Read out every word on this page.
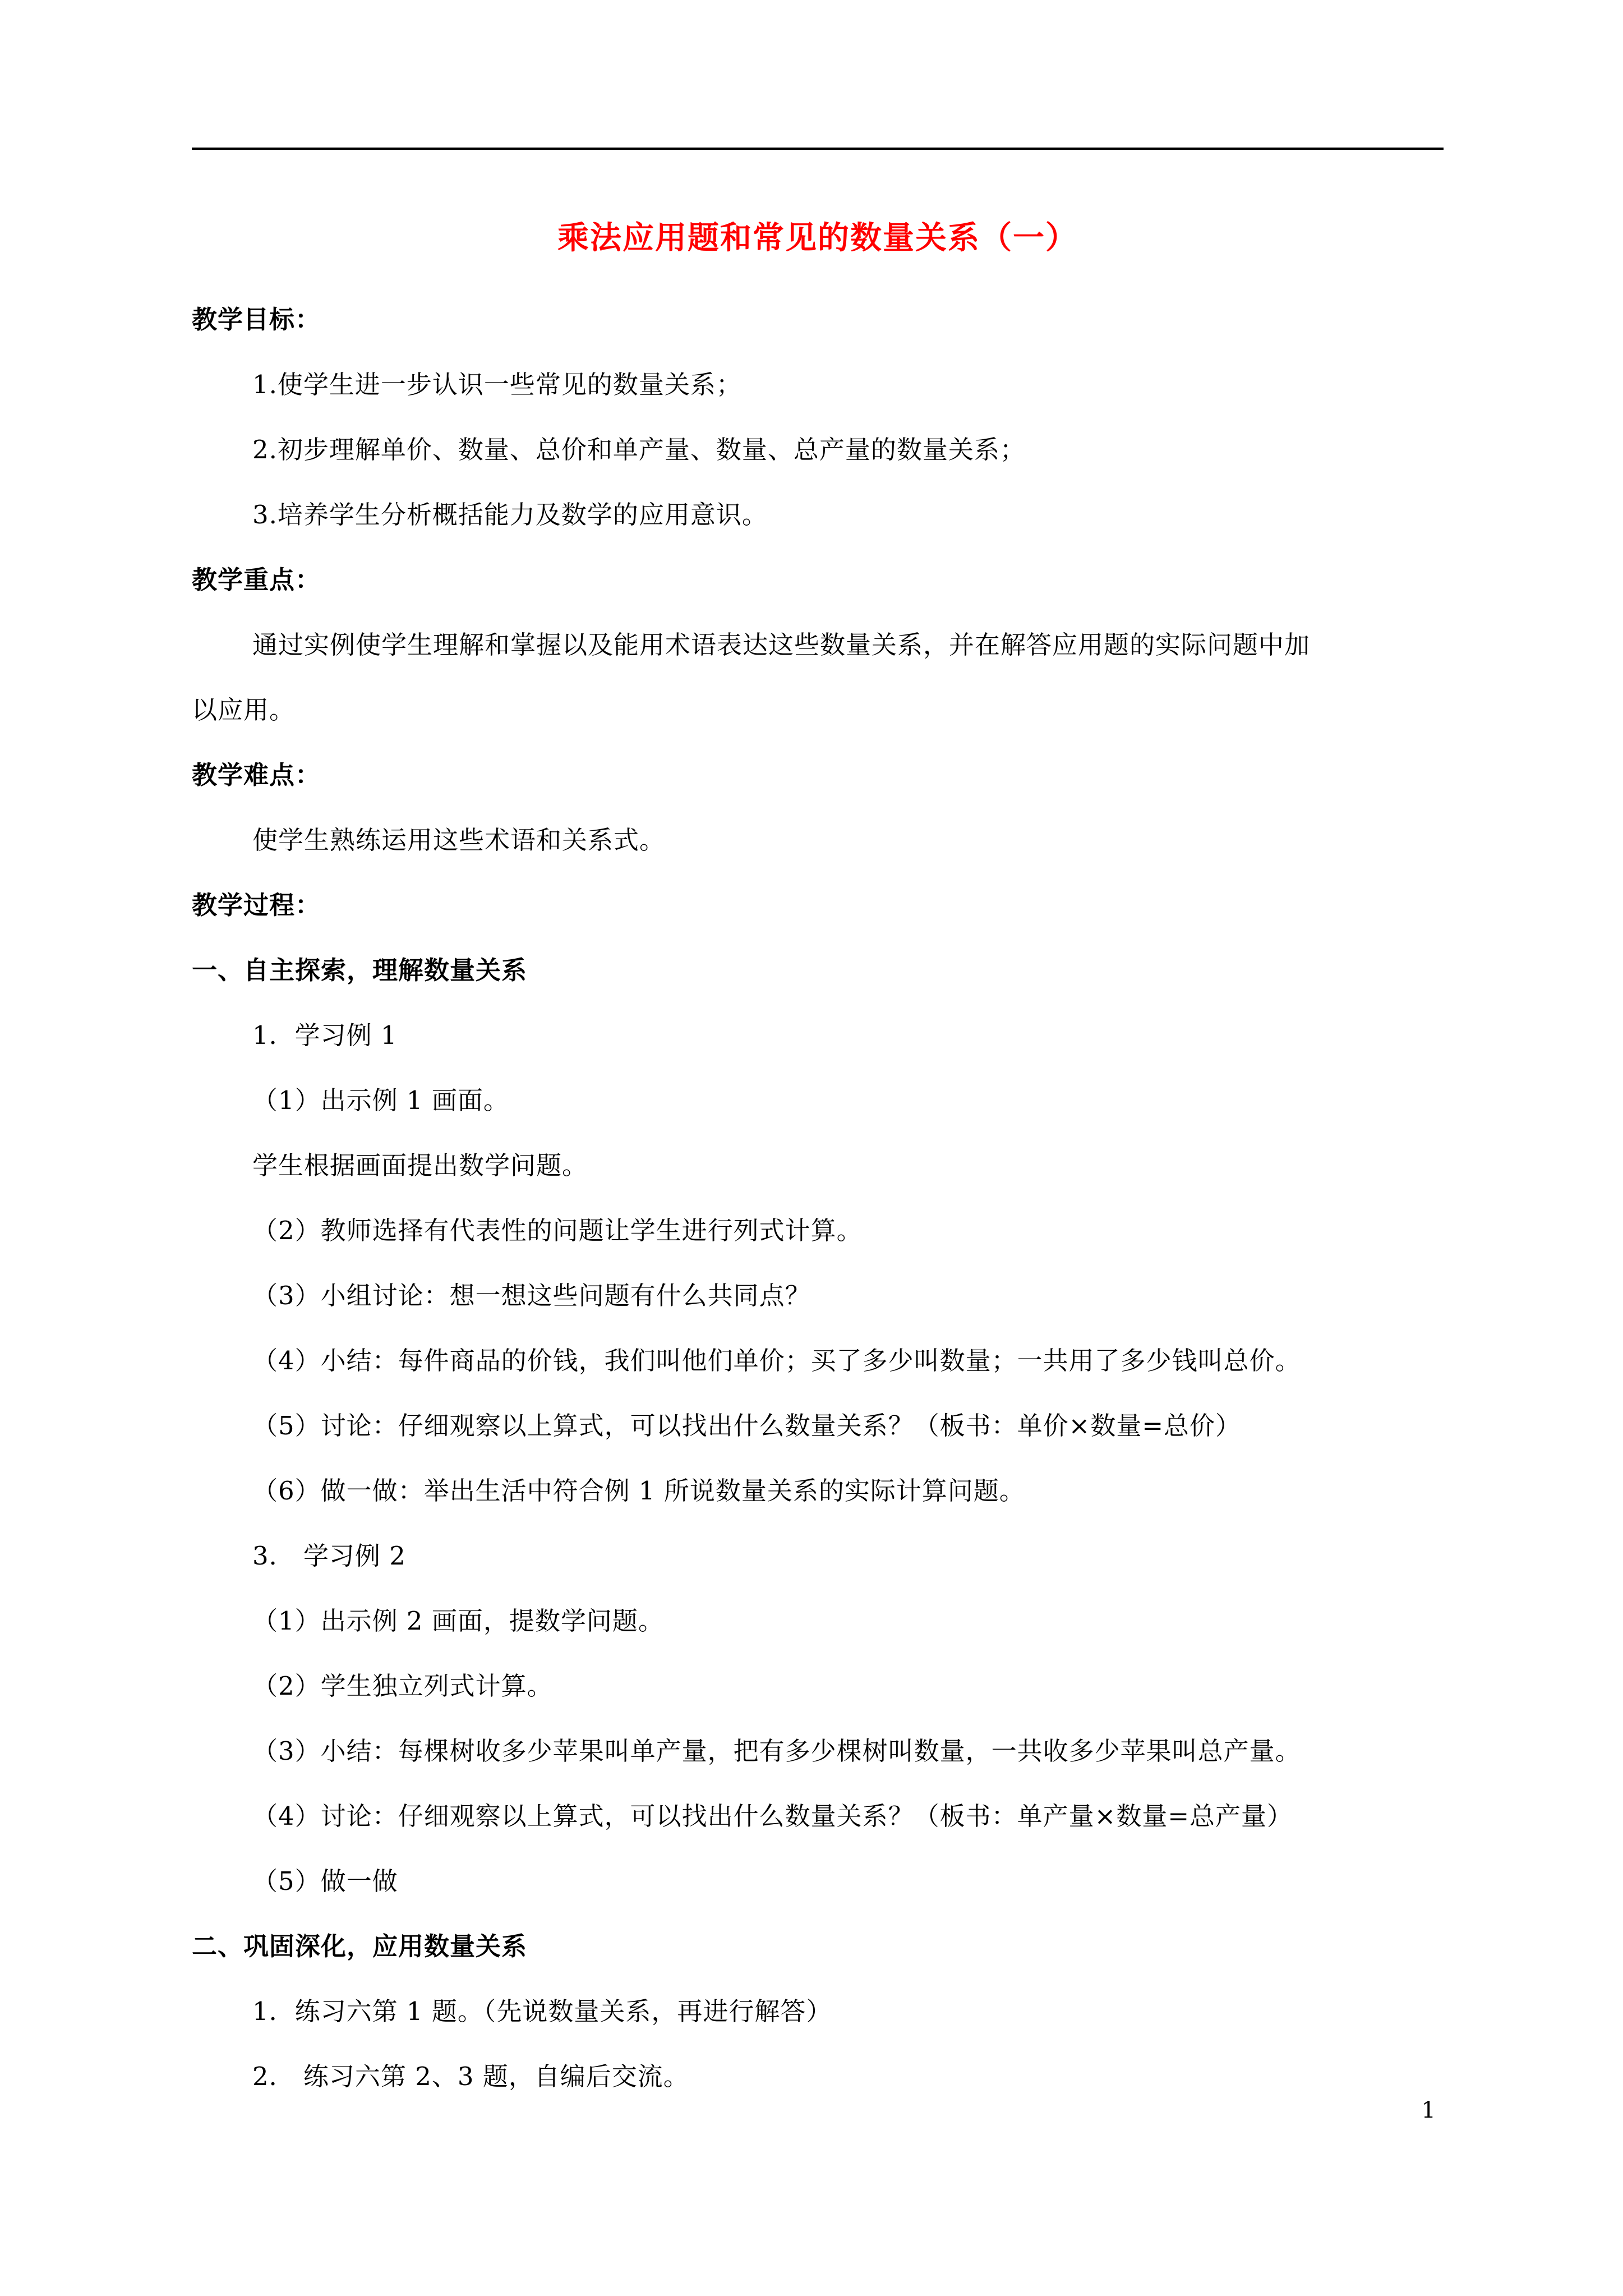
乘法应用题和常见的数量关系（一）
教学目标：
1.使学生进一步认识一些常见的数量关系；
2.初步理解单价、数量、总价和单产量、数量、总产量的数量关系；
3.培养学生分析概括能力及数学的应用意识。
教学重点：
通过实例使学生理解和掌握以及能用术语表达这些数量关系，并在解答应用题的实际问题中加
以应用。
教学难点：
使学生熟练运用这些术语和关系式。
教学过程：
一、自主探索，理解数量关系
1．学习例 1
（1）出示例 1 画面。
学生根据画面提出数学问题。
（2）教师选择有代表性的问题让学生进行列式计算。
（3）小组讨论：想一想这些问题有什么共同点？
（4）小结：每件商品的价钱，我们叫他们单价；买了多少叫数量；一共用了多少钱叫总价。
（5）讨论：仔细观察以上算式，可以找出什么数量关系？（板书：单价×数量=总价）
（6）做一做：举出生活中符合例 1 所说数量关系的实际计算问题。
3． 学习例 2
（1）出示例 2 画面，提数学问题。
（2）学生独立列式计算。
（3）小结：每棵树收多少苹果叫单产量，把有多少棵树叫数量，一共收多少苹果叫总产量。
（4）讨论：仔细观察以上算式，可以找出什么数量关系？（板书：单产量×数量=总产量）
（5）做一做
二、巩固深化，应用数量关系
1．练习六第 1 题。（先说数量关系，再进行解答）
2． 练习六第 2、3 题，自编后交流。
1
